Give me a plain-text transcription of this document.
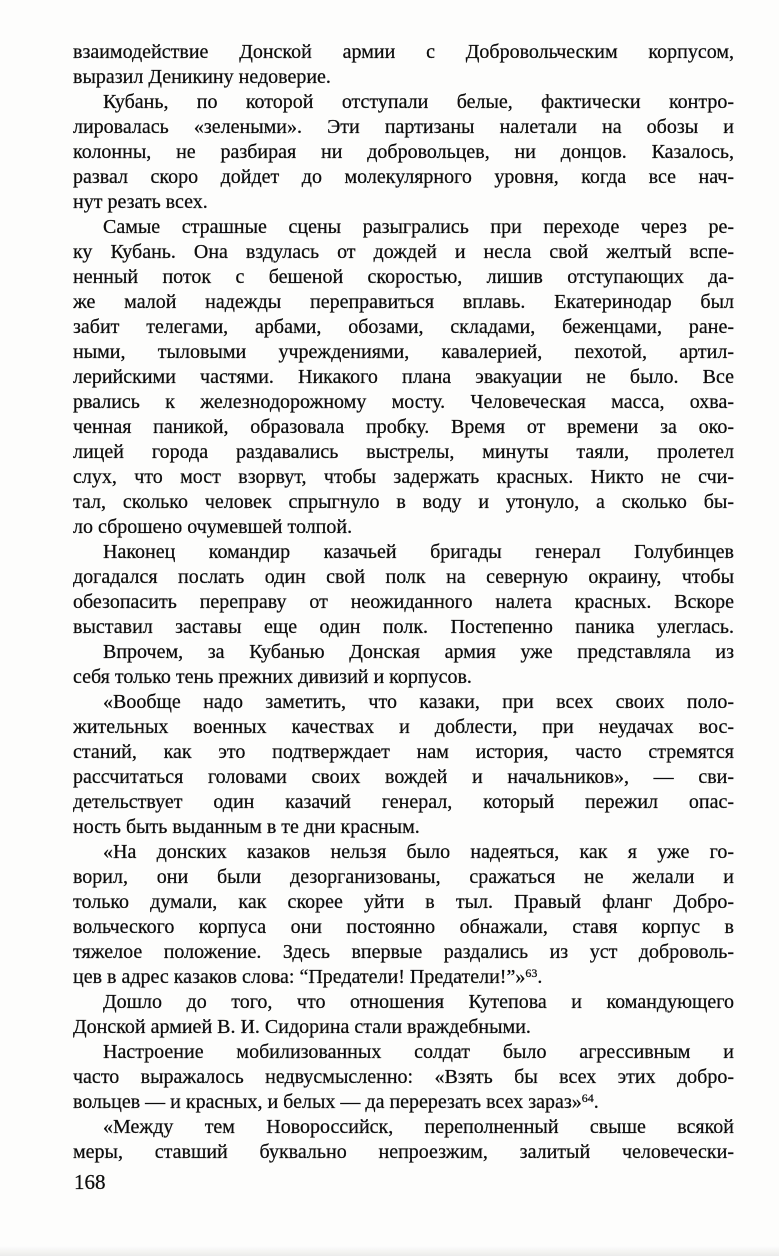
взаимодействие Донской армии с Добровольческим корпусом,
выразил Деникину недоверие.
Кубань, по которой отступали белые, фактически контро-
лировалась «зелеными». Эти партизаны налетали на обозы и
колонны, не разбирая ни добровольцев, ни донцов. Казалось,
развал скоро дойдет до молекулярного уровня, когда все нач-
нут резать всех.
Самые страшные сцены разыгрались при переходе через ре-
ку Кубань. Она вздулась от дождей и несла свой желтый вспе-
ненный поток с бешеной скоростью, лишив отступающих да-
же малой надежды переправиться вплавь. Екатеринодар был
забит телегами, арбами, обозами, складами, беженцами, ране-
ными, тыловыми учреждениями, кавалерией, пехотой, артил-
лерийскими частями. Никакого плана эвакуации не было. Все
рвались к железнодорожному мосту. Человеческая масса, охва-
ченная паникой, образовала пробку. Время от времени за око-
лицей города раздавались выстрелы, минуты таяли, пролетел
слух, что мост взорвут, чтобы задержать красных. Никто не счи-
тал, сколько человек спрыгнуло в воду и утонуло, а сколько бы-
ло сброшено очумевшей толпой.
Наконец командир казачьей бригады генерал Голубинцев
догадался послать один свой полк на северную окраину, чтобы
обезопасить переправу от неожиданного налета красных. Вскоре
выставил заставы еще один полк. Постепенно паника улеглась.
Впрочем, за Кубанью Донская армия уже представляла из
себя только тень прежних дивизий и корпусов.
«Вообще надо заметить, что казаки, при всех своих поло-
жительных военных качествах и доблести, при неудачах вос-
станий, как это подтверждает нам история, часто стремятся
рассчитаться головами своих вождей и начальников», — сви-
детельствует один казачий генерал, который пережил опас-
ность быть выданным в те дни красным.
«На донских казаков нельзя было надеяться, как я уже го-
ворил, они были дезорганизованы, сражаться не желали и
только думали, как скорее уйти в тыл. Правый фланг Добро-
вольческого корпуса они постоянно обнажали, ставя корпус в
тяжелое положение. Здесь впервые раздались из уст доброволь-
цев в адрес казаков слова: “Предатели! Предатели!”»$^{63}$.
Дошло до того, что отношения Кутепова и командующего
Донской армией В. И. Сидорина стали враждебными.
Настроение мобилизованных солдат было агрессивным и
часто выражалось недвусмысленно: «Взять бы всех этих добро-
вольцев — и красных, и белых — да перерезать всех зараз»$^{64}$.
«Между тем Новороссийск, переполненный свыше всякой
меры, ставший буквально непроезжим, залитый человечески-
168
